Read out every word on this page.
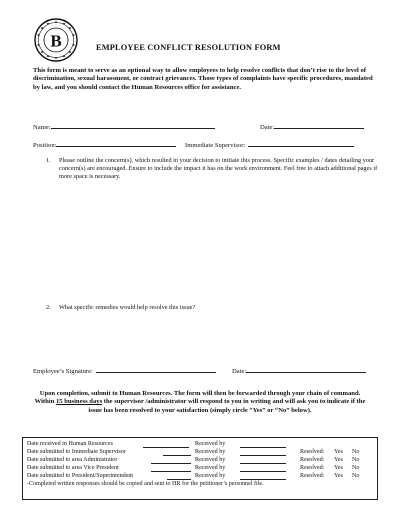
B	EMPLOYEE CONFLICT RESOLUTION FORM
This form is meant to serve as an optional way to allow employees to help resolve conflicts that don’t rise to the level of discrimination, sexual harassment, or contract grievances. Those types of complaints have specific procedures, mandated by law, and you should contact the Human Resources office for assistance.
Name:	Date:
Position:	Immediate Supervisor:
1. Please outline the concern(s), which resulted in your decision to initiate this process. Specific examples / dates detailing your concern(s) are encouraged. Ensure to include the impact it has on the work environment. Feel free to attach additional pages if more space is necessary.
2. What specific remedies would help resolve this issue?
Employee’s Signature:	Date:
Upon completion, submit to Human Resources. The form will then be forwarded through your chain of command. Within 15 business days the supervisor /administrator will respond to you in writing and will ask you to indicate if the issue has been resolved to your satisfaction (simply circle “Yes” or “No” below).
Date received in Human Resources	Received by
Date submitted to Immediate Supervisor	Received by	Resolved: Yes No
Date submitted to area Administrator	Received by	Resolved: Yes No
Date submitted to area Vice President	Received by	Resolved: Yes No
Date submitted to President/Superintendent	Received by	Resolved: Yes No
-Completed written responses should be copied and sent to HR for the petitioner’s personnel file.
